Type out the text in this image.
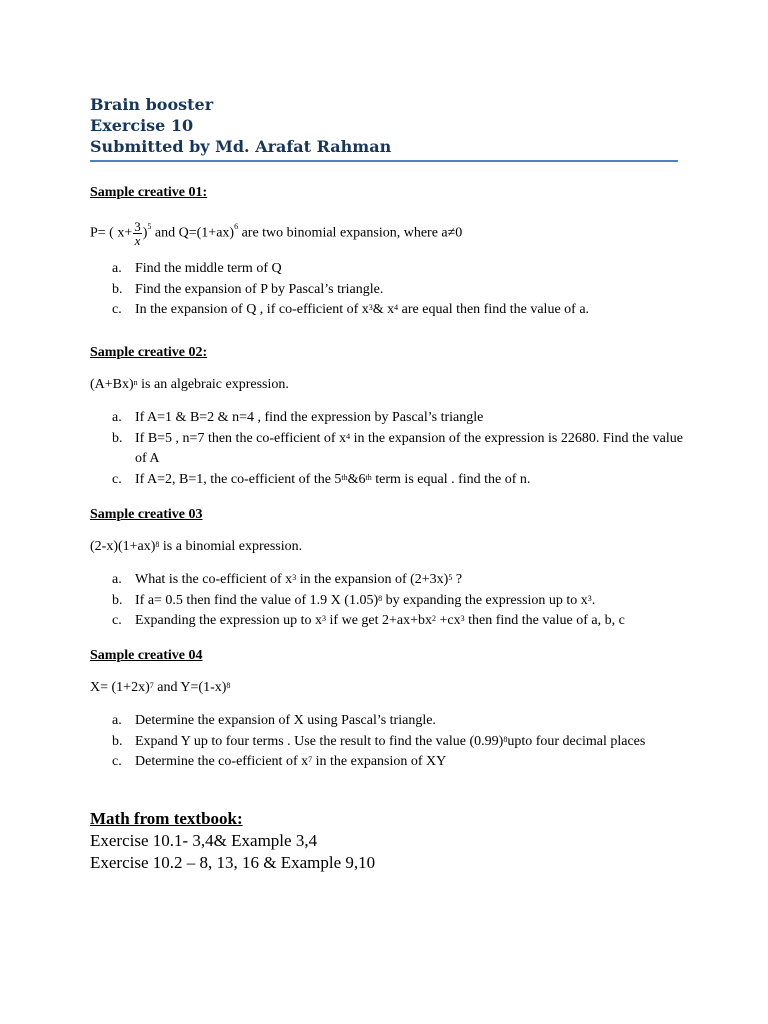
Brain booster
Exercise 10
Submitted by Md. Arafat Rahman

Sample creative 01:

P= ( $x+ \frac{3}{x} )^5$ and $Q=(1+ax)^6$ are two binomial expansion, where a≠0

a. Find the middle term of Q
b. Find the expansion of P by Pascal’s triangle.
c. In the expansion of Q , if co-efficient of $x^3\&$ $x^4$ are equal then find the value of a.

Sample creative 02:

$(A+Bx)^n$ is an algebraic expression.

a. If A=1 & B=2 & n=4 , find the expression by Pascal’s triangle
b. If B=5 , n=7 then the co-efficient of $x^4$ in the expansion of the expression is 22680. Find the value of A
c. If A=2, B=1, the co-efficient of the 5th&6th term is equal . find the of n.

Sample creative 03

$(2-x)(1+ax)^8$ is a binomial expression.

a. What is the co-efficient of $x^3$ in the expansion of $(2+3x)^5$ ?
b. If a= 0.5 then find the value of 1.9 X $(1.05)^8$ by expanding the expression up to $x^3$.
c. Expanding the expression up to $x^3$ if we get $2+ax+bx^2 +cx^3$ then find the value of a, b, c

Sample creative 04

$X= (1+2x)^7$ and $Y=(1-x)^8$

a. Determine the expansion of X using Pascal’s triangle.
b. Expand Y up to four terms . Use the result to find the value $(0.99)^8upto$ four decimal places
c. Determine the co-efficient of $x^7$ in the expansion of XY

Math from textbook:

Exercise 10.1- 3,4& Example 3,4

Exercise 10.2 – 8, 13, 16 & Example 9,10
